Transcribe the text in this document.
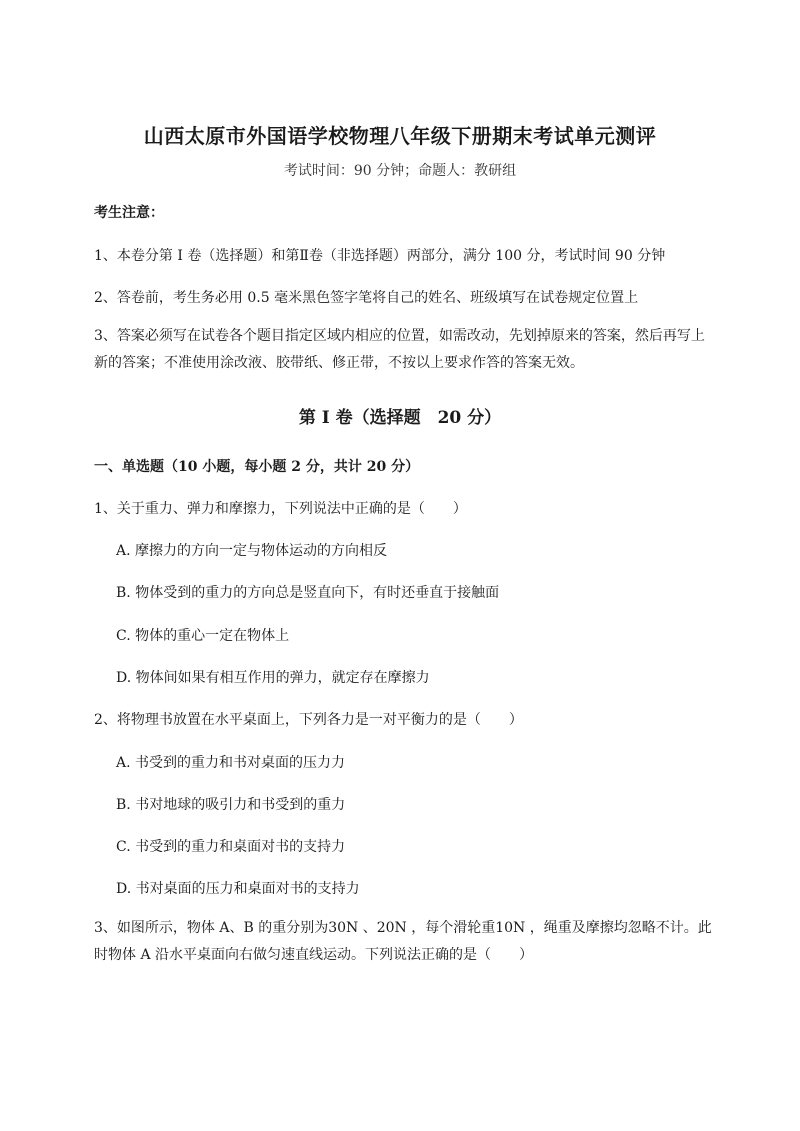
山西太原市外国语学校物理八年级下册期末考试单元测评
考试时间：90 分钟；命题人：教研组
考生注意：
1、本卷分第 I 卷（选择题）和第Ⅱ卷（非选择题）两部分，满分 100 分，考试时间 90 分钟
2、答卷前，考生务必用 0.5 毫米黑色签字笔将自己的姓名、班级填写在试卷规定位置上
3、答案必须写在试卷各个题目指定区域内相应的位置，如需改动，先划掉原来的答案，然后再写上新的答案；不准使用涂改液、胶带纸、修正带，不按以上要求作答的答案无效。
第 I 卷（选择题　20 分）
一、单选题（10 小题，每小题 2 分，共计 20 分）
1、关于重力、弹力和摩擦力，下列说法中正确的是（　　）
A. 摩擦力的方向一定与物体运动的方向相反
B. 物体受到的重力的方向总是竖直向下，有时还垂直于接触面
C. 物体的重心一定在物体上
D. 物体间如果有相互作用的弹力，就定存在摩擦力
2、将物理书放置在水平桌面上，下列各力是一对平衡力的是（　　）
A. 书受到的重力和书对桌面的压力力
B. 书对地球的吸引力和书受到的重力
C. 书受到的重力和桌面对书的支持力
D. 书对桌面的压力和桌面对书的支持力
3、如图所示，物体 A、B 的重分别为30N 、20N ，每个滑轮重10N ，绳重及摩擦均忽略不计。此时物体 A 沿水平桌面向右做匀速直线运动。下列说法正确的是（　　）
